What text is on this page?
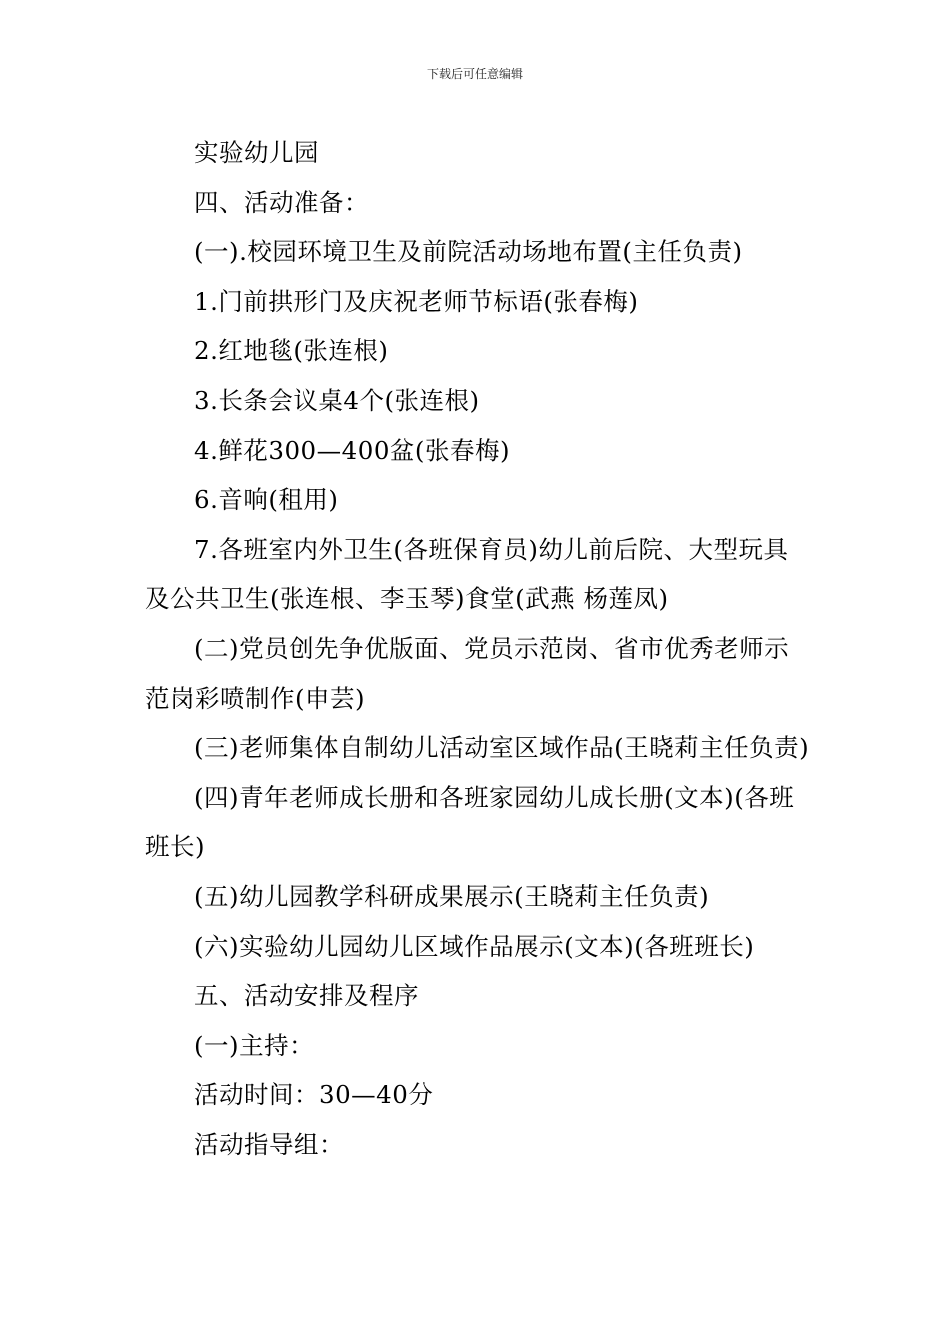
下载后可任意编辑

实验幼儿园

四、活动准备：

(一).校园环境卫生及前院活动场地布置(主任负责)

1.门前拱形门及庆祝老师节标语(张春梅)

2.红地毯(张连根)

3.长条会议桌4个(张连根)

4.鲜花300—400盆(张春梅)

6.音响(租用)

7.各班室内外卫生(各班保育员)幼儿前后院、大型玩具及公共卫生(张连根、李玉琴)食堂(武燕 杨莲凤)

(二)党员创先争优版面、党员示范岗、省市优秀老师示范岗彩喷制作(申芸)

(三)老师集体自制幼儿活动室区域作品(王晓莉主任负责)

(四)青年老师成长册和各班家园幼儿成长册(文本)(各班班长)

(五)幼儿园教学科研成果展示(王晓莉主任负责)

(六)实验幼儿园幼儿区域作品展示(文本)(各班班长)

五、活动安排及程序

(一)主持：

活动时间：30—40分

活动指导组：
